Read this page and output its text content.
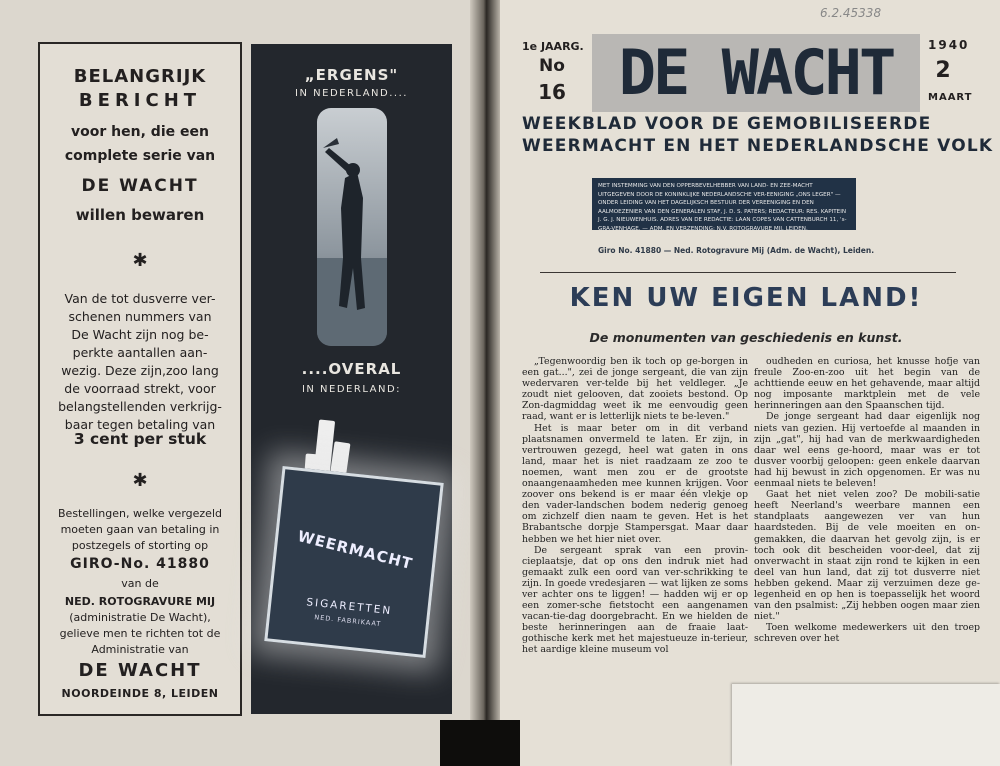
BELANGRIJK
BERICHT
voor hen, die een
complete serie van
DE WACHT
willen bewaren
✱
Van de tot dusverre ver-
schenen nummers van
De Wacht zijn nog be-
perkte aantallen aan-
wezig. Deze zijn,zoo lang
de voorraad strekt, voor
belangstellenden verkrijg-
baar tegen betaling van
3 cent per stuk
✱
Bestellingen, welke vergezeld
moeten gaan van betaling in
postzegels of storting op
GIRO-No. 41880
van de
NED. ROTOGRAVURE MIJ
(administratie De Wacht),
gelieve men te richten tot de
Administratie van
DE WACHT
NOORDEINDE 8, LEIDEN
„ERGENS"
IN NEDERLAND....
....OVERAL
IN NEDERLAND:
WEERMACHT
SIGARETTEN
NED. FABRIKAAT
6.2.45338
1e JAARG.
No
16 DE WACHT	1940
2
MAART
WEEKBLAD VOOR DE GEMOBILISEERDE
WEERMACHT EN HET NEDERLANDSCHE VOLK
MET INSTEMMING VAN DEN OPPERBEVELHEBBER VAN LAND- EN ZEE-MACHT UITGEGEVEN DOOR DE KONINKLIJKE NEDERLANDSCHE VER-EENIGING „ONS LEGER" — ONDER LEIDING VAN HET DAGELIJKSCH BESTUUR DER VEREENIGING EN DEN AALMOEZENIER VAN DEN GENERALEN STAF, J. D. S. PATERS; REDACTEUR: RES. KAPITEIN J. G. J. NIEUWENHUIS. ADRES VAN DE REDACTIE: LAAN COPES VAN CATTENBURCH 11, 's-GRA-VENHAGE. — ADM. EN VERZENDING: N.V. ROTOGRAVURE MIJ, LEIDEN.
Giro No. 41880 — Ned. Rotogravure Mij (Adm. de Wacht), Leiden.
KEN UW EIGEN LAND!
De monumenten van geschiedenis en kunst.

„Tegenwoordig ben ik toch op ge-borgen in een gat...", zei de jonge sergeant, die van zijn wedervaren ver-telde bij het veldleger. „Je zoudt niet gelooven, dat zooiets bestond. Op Zon-dagmiddag weet ik me eenvoudig geen raad, want er is letterlijk niets te be-leven."

Het is maar beter om in dit verband plaatsnamen onvermeld te laten. Er zijn, in vertrouwen gezegd, heel wat gaten in ons land, maar het is niet raadzaam ze zoo te noemen, want men zou er de grootste onaangenaamheden mee kunnen krijgen. Voor zoover ons bekend is er maar één vlekje op den vader-landschen bodem nederig genoeg om zichzelf dien naam te geven. Het is het Brabantsche dorpje Stampersgat. Maar daar hebben we het hier niet over.

De sergeant sprak van een provin-cieplaatsje, dat op ons den indruk niet had gemaakt zulk een oord van ver-schrikking te zijn. In goede vredesjaren — wat lijken ze soms ver achter ons te liggen! — hadden wij er op een zomer-sche fietstocht een aangenamen vacan-tie-dag doorgebracht. En we hielden de beste herinneringen aan de fraaie laat-gothische kerk met het majestueuze in-terieur, het aardige kleine museum vol

oudheden en curiosa, het knusse hofje van freule Zoo-en-zoo uit het begin van de achttiende eeuw en het gehavende, maar altijd nog imposante marktplein met de vele herinneringen aan den Spaanschen tijd.

De jonge sergeant had daar eigenlijk nog niets van gezien. Hij vertoefde al maanden in zijn „gat", hij had van de merkwaardigheden daar wel eens ge-hoord, maar was er tot dusver voorbij geloopen: geen enkele daarvan had hij bewust in zich opgenomen. Er was nu eenmaal niets te beleven!

Gaat het niet velen zoo? De mobili-satie heeft Neerland's weerbare mannen een standplaats aangewezen ver van hun haardsteden. Bij de vele moeiten en on-gemakken, die daarvan het gevolg zijn, is er toch ook dit bescheiden voor-deel, dat zij onverwacht in staat zijn rond te kijken in een deel van hun land, dat zij tot dusverre niet hebben gekend. Maar zij verzuimen deze ge-legenheid en op hen is toepasselijk het woord van den psalmist: „Zij hebben oogen maar zien niet."

Toen welkome medewerkers uit den troep schreven over het
